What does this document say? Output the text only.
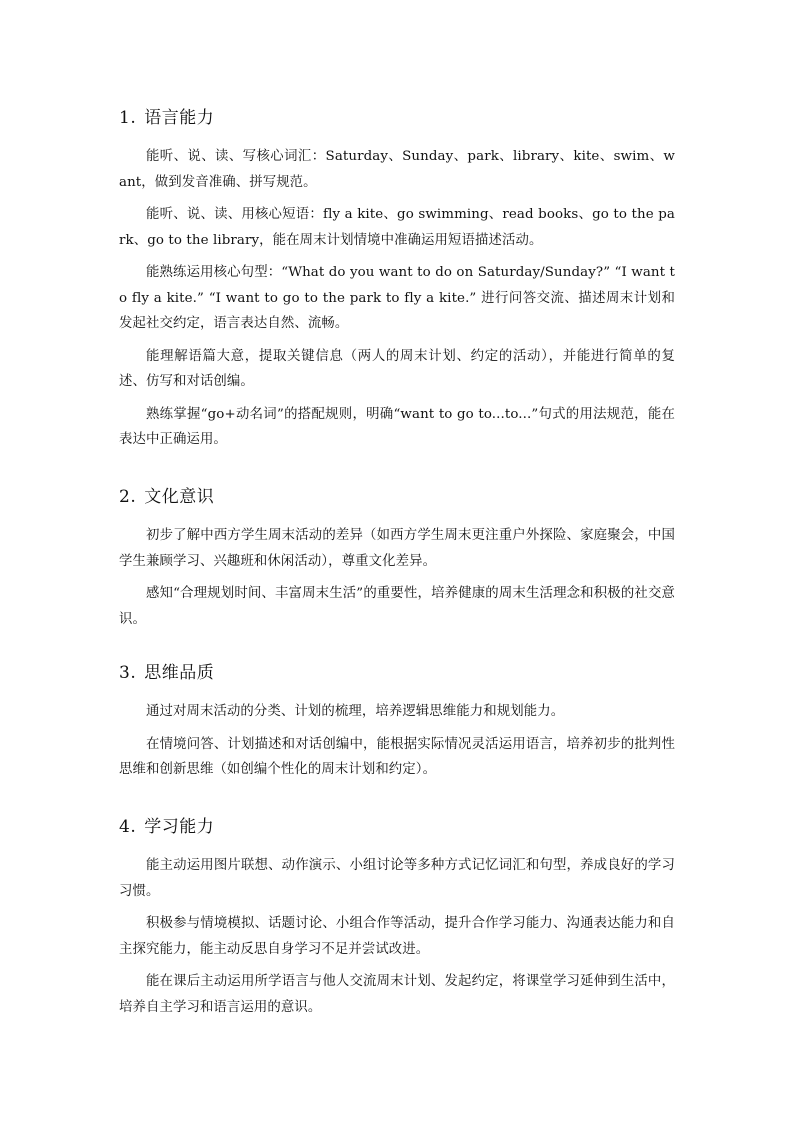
1. 语言能力

能听、说、读、写核心词汇：Saturday、Sunday、park、library、kite、swim、want，做到发音准确、拼写规范。

能听、说、读、用核心短语：fly a kite、go swimming、read books、go to the park、go to the library，能在周末计划情境中准确运用短语描述活动。

能熟练运用核心句型：“What do you want to do on Saturday/Sunday?” “I want to fly a kite.” “I want to go to the park to fly a kite.” 进行问答交流、描述周末计划和发起社交约定，语言表达自然、流畅。

能理解语篇大意，提取关键信息（两人的周末计划、约定的活动），并能进行简单的复述、仿写和对话创编。

熟练掌握“go+动名词”的搭配规则，明确“want to go to...to...”句式的用法规范，能在表达中正确运用。

2. 文化意识

初步了解中西方学生周末活动的差异（如西方学生周末更注重户外探险、家庭聚会，中国学生兼顾学习、兴趣班和休闲活动），尊重文化差异。

感知“合理规划时间、丰富周末生活”的重要性，培养健康的周末生活理念和积极的社交意识。

3. 思维品质

通过对周末活动的分类、计划的梳理，培养逻辑思维能力和规划能力。

在情境问答、计划描述和对话创编中，能根据实际情况灵活运用语言，培养初步的批判性思维和创新思维（如创编个性化的周末计划和约定）。

4. 学习能力

能主动运用图片联想、动作演示、小组讨论等多种方式记忆词汇和句型，养成良好的学习习惯。

积极参与情境模拟、话题讨论、小组合作等活动，提升合作学习能力、沟通表达能力和自主探究能力，能主动反思自身学习不足并尝试改进。

能在课后主动运用所学语言与他人交流周末计划、发起约定，将课堂学习延伸到生活中，培养自主学习和语言运用的意识。
